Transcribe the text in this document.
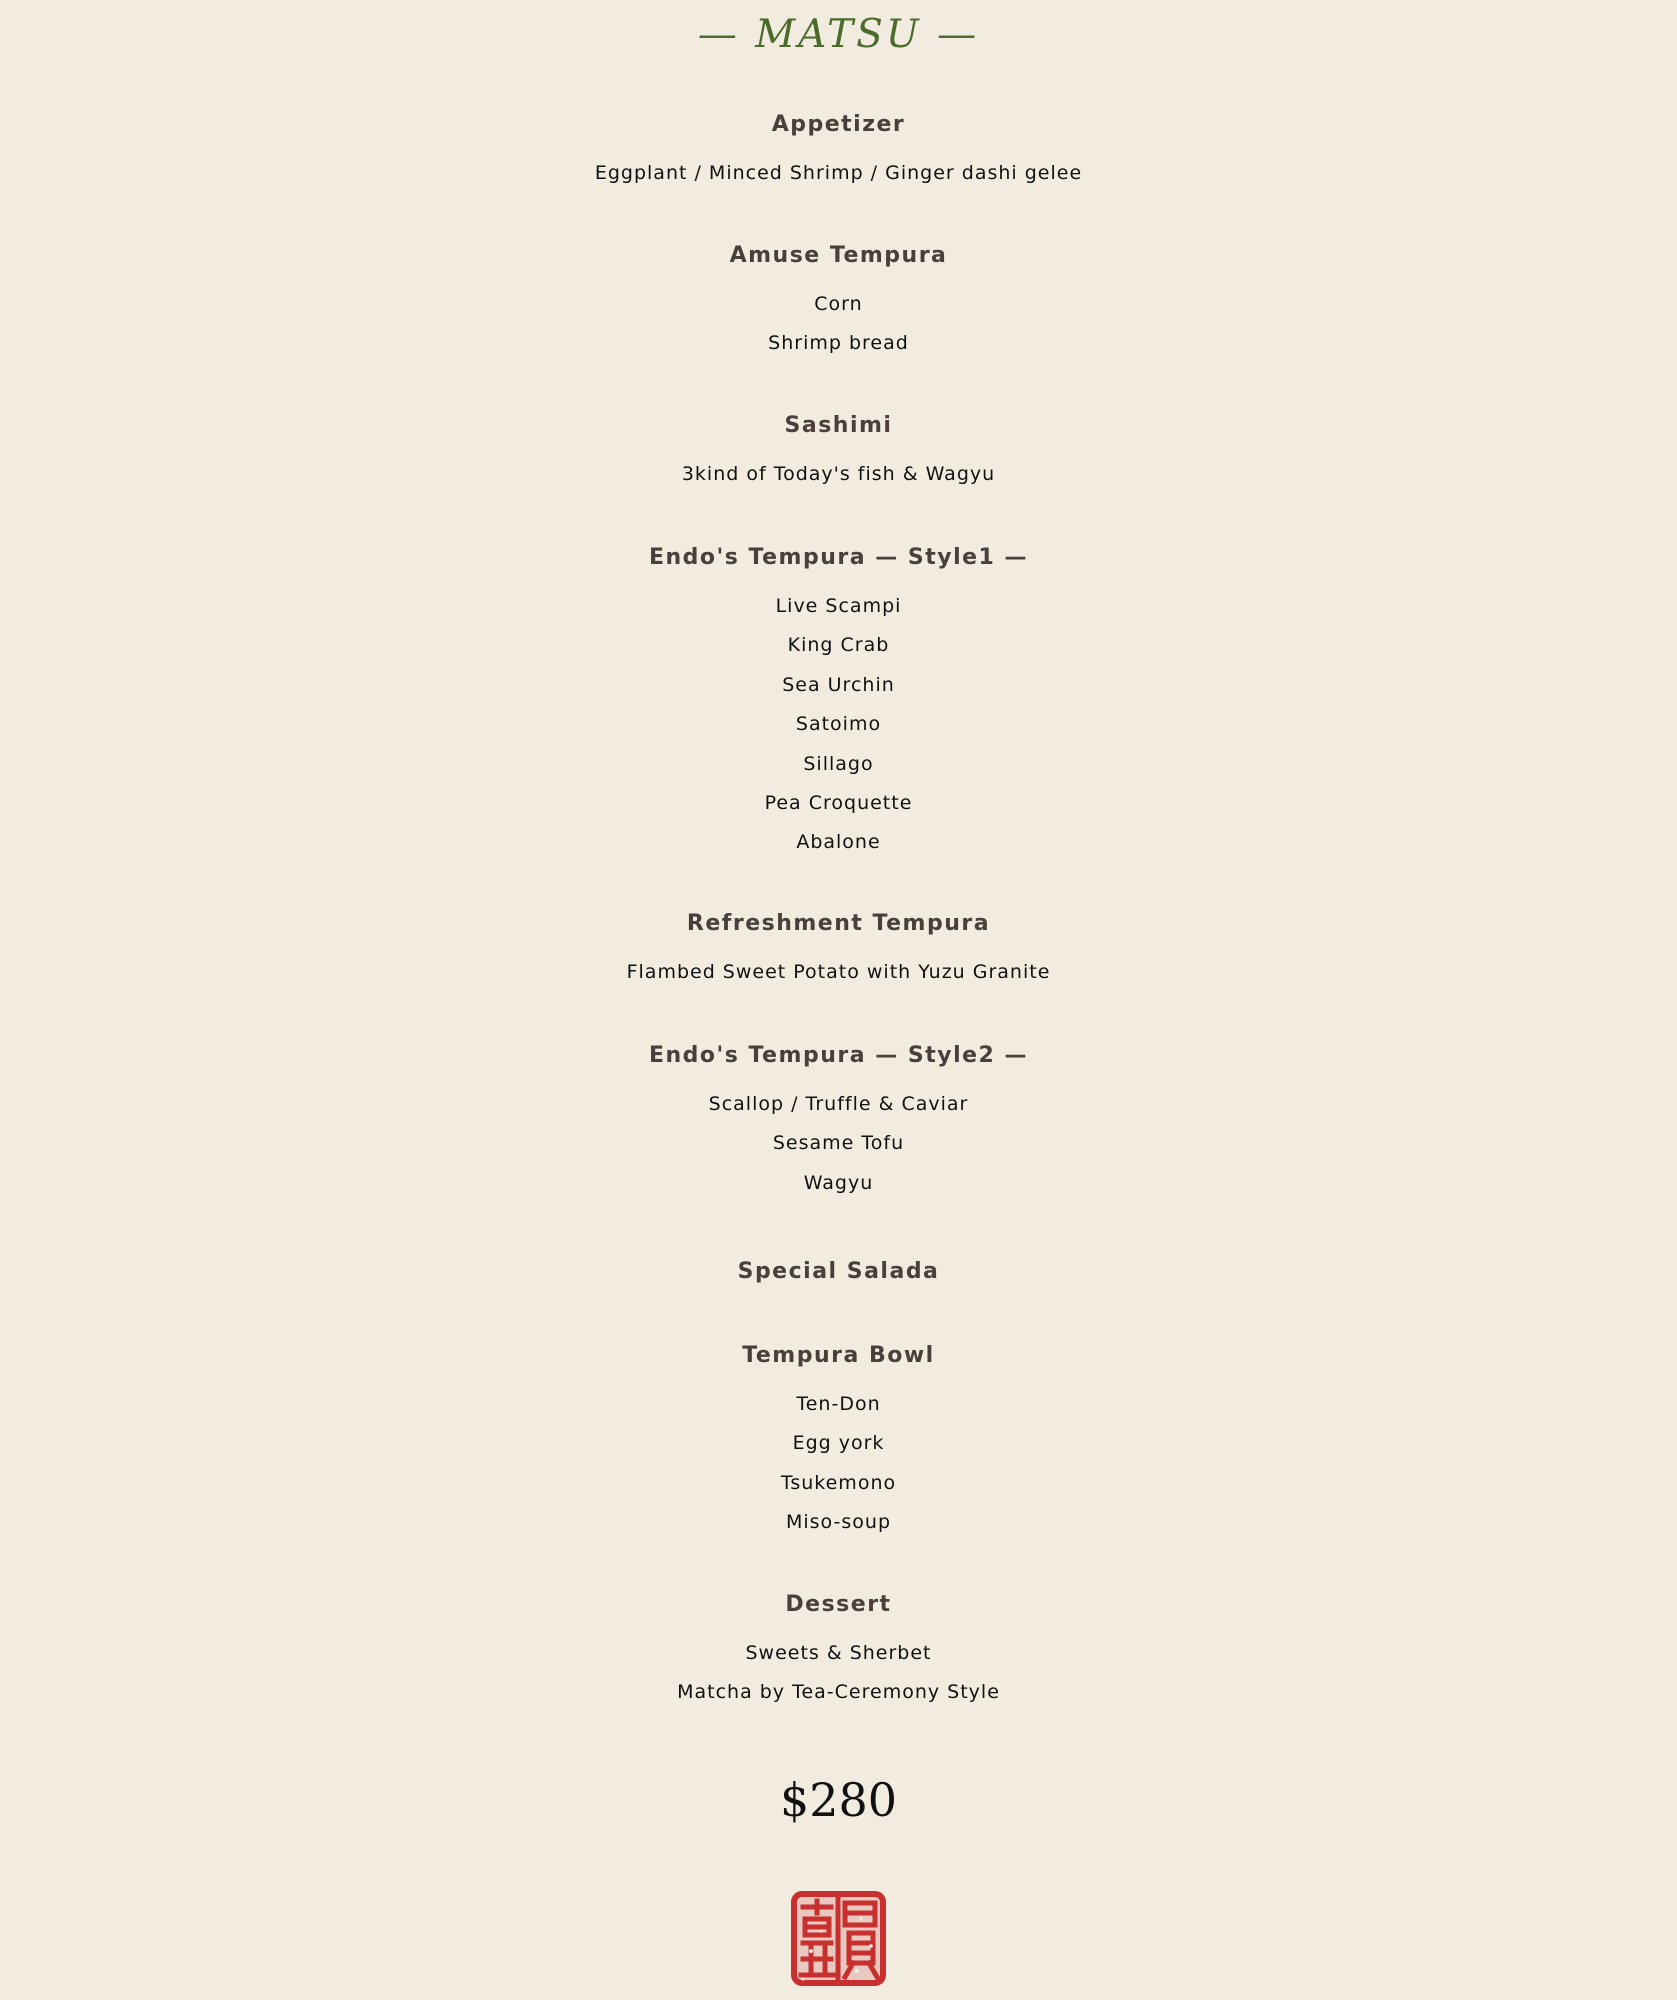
— MATSU —
Appetizer
Eggplant / Minced Shrimp / Ginger dashi gelee
Amuse Tempura
Corn
Shrimp bread
Sashimi
3kind of Today's fish & Wagyu
Endo's Tempura — Style1 —
Live Scampi
King Crab
Sea Urchin
Satoimo
Sillago
Pea Croquette
Abalone
Refreshment Tempura
Flambed Sweet Potato with Yuzu Granite
Endo's Tempura — Style2 —
Scallop / Truffle & Caviar
Sesame Tofu
Wagyu
Special Salada
Tempura Bowl
Ten-Don
Egg york
Tsukemono
Miso-soup
Dessert
Sweets & Sherbet
Matcha by Tea-Ceremony Style
$280
